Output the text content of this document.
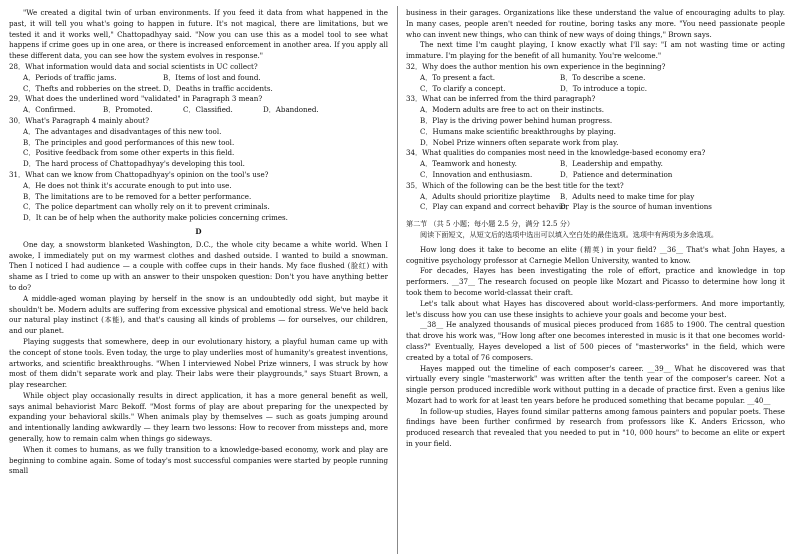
"We created a digital twin of urban environments. If you feed it data from what happened in the past, it will tell you what's going to happen in future. It's not magical, there are limitations, but we tested it and it works well," Chattopadhyay said. "Now you can use this as a model tool to see what happens if crime goes up in one area, or there is increased enforcement in another area. If you apply all these different data, you can see how the system evolves in response."

28．What information would data and social scientists in UC collect?

A．Periods of traffic jams.	B．Items of lost and found.
C．Thefts and robberies on the street. D．Deaths in traffic accidents.

29．What does the underlined word "validated" in Paragraph 3 mean?

A．Confirmed.	B．Promoted.	C．Classified.	D．Abandoned.

30．What's Paragraph 4 mainly about?

A．The advantages and disadvantages of this new tool.
B．The principles and good performances of this new tool.
C．Positive feedback from some other experts in this field.
D．The hard process of Chattopadhyay's developing this tool.

31．What can we know from Chattopadhyay's opinion on the tool's use?

A．He does not think it's accurate enough to put into use.
B．The limitations are to be removed for a better performance.
C．The police department can wholly rely on it to prevent criminals.
D．It can be of help when the authority make policies concerning crimes.
D

One day, a snowstorm blanketed Washington, D.C., the whole city became a white world. When I awoke, I immediately put on my warmest clothes and dashed outside. I wanted to build a snowman. Then I noticed I had audience — a couple with coffee cups in their hands. My face flushed (脸红) with shame as I tried to come up with an answer to their unspoken question: Don't you have anything better to do?

A middle-aged woman playing by herself in the snow is an undoubtedly odd sight, but maybe it shouldn't be. Modern adults are suffering from excessive physical and emotional stress. We've held back our natural play instinct (本能), and that's causing all kinds of problems — for ourselves, our children, and our planet.

Playing suggests that somewhere, deep in our evolutionary history, a playful human came up with the concept of stone tools. Even today, the urge to play underlies most of humanity's greatest inventions, artworks, and scientific breakthroughs. "When I interviewed Nobel Prize winners, I was struck by how most of them didn't separate work and play. Their labs were their playgrounds," says Stuart Brown, a play researcher.

While object play occasionally results in direct application, it has a more general benefit as well, says animal behaviorist Marc Bekoff. "Most forms of play are about preparing for the unexpected by expanding your behavioral skills." When animals play by themselves — such as goats jumping around and intentionally landing awkwardly — they learn two lessons: How to recover from missteps and, more generally, how to remain calm when things go sideways.

When it comes to humans, as we fully transition to a knowledge-based economy, work and play are beginning to combine again. Some of today's most successful companies were started by people running small

business in their garages. Organizations like these understand the value of encouraging adults to play. In many cases, people aren't needed for routine, boring tasks any more. "You need passionate people who can invent new things, who can think of new ways of doing things," Brown says.

The next time I'm caught playing, I know exactly what I'll say: "I am not wasting time or acting immature. I'm playing for the benefit of all humanity. You're welcome."

32．Why does the author mention his own experience in the beginning?

A．To present a fact.	B．To describe a scene.
C．To clarify a concept.	D．To introduce a topic.

33．What can be inferred from the third paragraph?

A．Modern adults are free to act on their instincts.
B．Play is the driving power behind human progress.
C．Humans make scientific breakthroughs by playing.
D．Nobel Prize winners often separate work from play.

34．What qualities do companies most need in the knowledge-based economy era?

A．Teamwork and honesty.	B．Leadership and empathy.
C．Innovation and enthusiasm.	D．Patience and determination

35．Which of the following can be the best title for the text?

A．Adults should prioritize playtime	B．Adults need to make time for play
C．Play can expand and correct behavior
D．Play is the source of human inventions

第二节 （共 5 小题；每小题 2.5 分，满分 12.5 分）

阅读下面短文，从短文后的选项中选出可以填入空白处的最佳选项。选项中有两项为多余选项。

How long does it take to become an elite (精英) in your field? __36__ That's what John Hayes, a cognitive psychology professor at Carnegie Mellon University, wanted to know.

For decades, Hayes has been investigating the role of effort, practice and knowledge in top performers. __37__ The research focused on people like Mozart and Picasso to determine how long it took them to become world-classat their craft.

Let's talk about what Hayes has discovered about world-class-performers. And more importantly, let's discuss how you can use these insights to achieve your goals and become your best.

__38__ He analyzed thousands of musical pieces produced from 1685 to 1900. The central question that drove his work was, "How long after one becomes interested in music is it that one becomes world-class?" Eventually, Hayes developed a list of 500 pieces of "masterworks" in the field, which were created by a total of 76 composers.

Hayes mapped out the timeline of each composer's career. __39__ What he discovered was that virtually every single "masterwork" was written after the tenth year of the composer's career. Not a single person produced incredible work without putting in a decade of practice first. Even a genius like Mozart had to work for at least ten years before he produced something that became popular. __40__

In follow-up studies, Hayes found similar patterns among famous painters and popular poets. These findings have been further confirmed by research from professors like K. Anders Ericsson, who produced research that revealed that you needed to put in "10, 000 hours" to become an elite or expert in your field.
